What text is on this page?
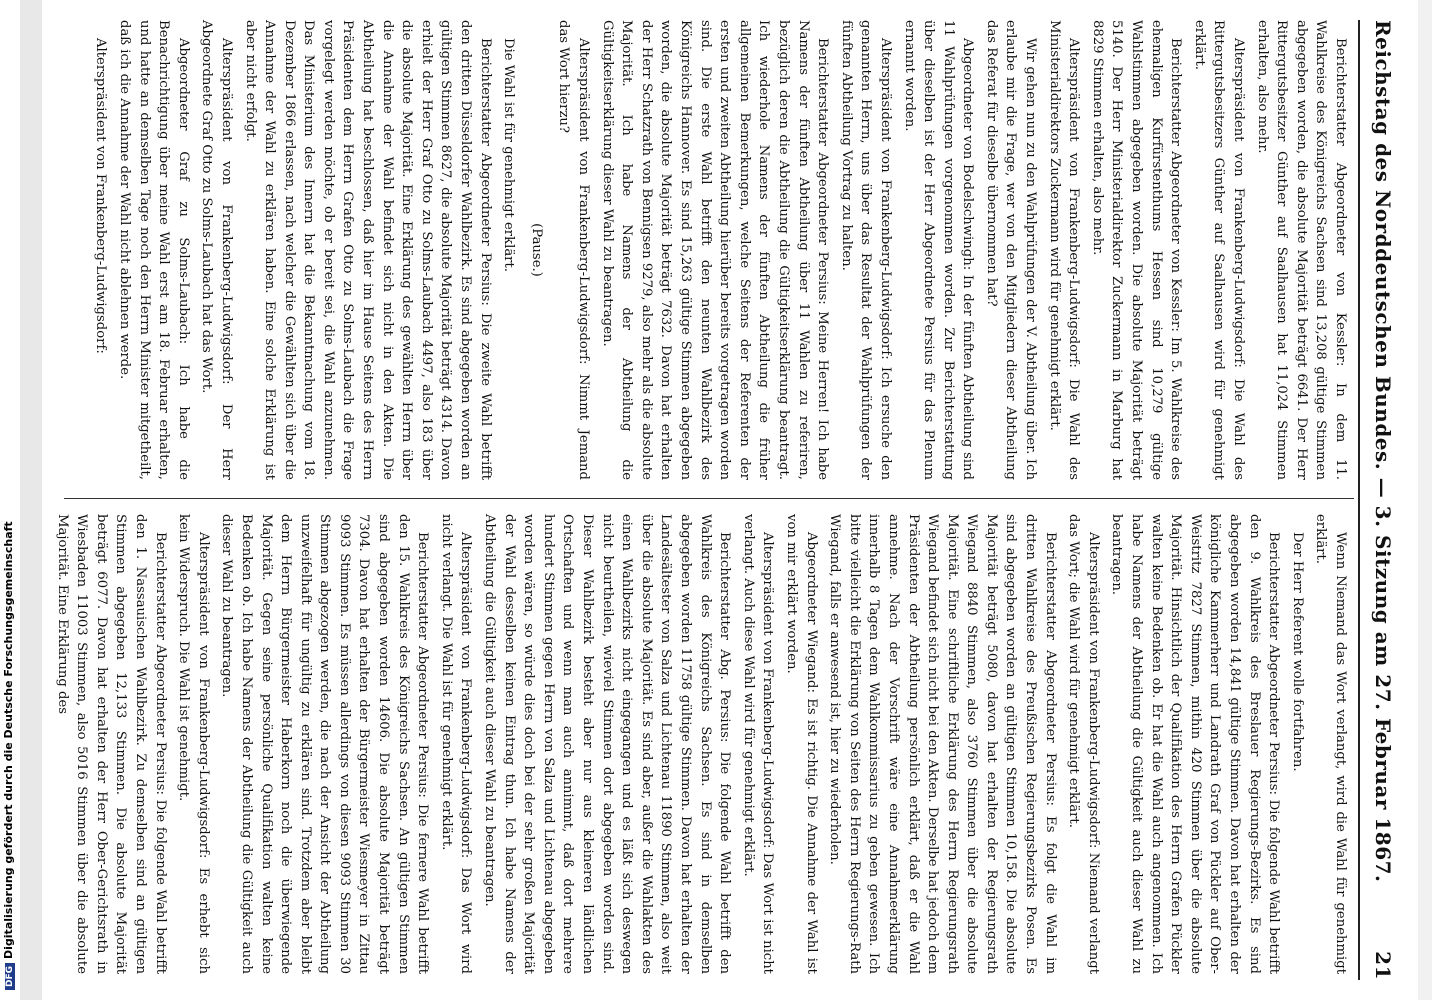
Reichstag des Norddeutschen Bundes. — 3. Sitzung am 27. Februar 1867.
21

Berichterstatter Abgeordneter von Kessler: In dem 11. Wahlkreise des Königreichs Sachsen sind 13,208 gültige Stimmen abgegeben worden, die absolute Majorität beträgt 6641. Der Herr Rittergutsbesitzer Günther auf Saalhausen hat 11,024 Stimmen erhalten, also mehr.

Alterspräsident von Frankenberg-Ludwigsdorf: Die Wahl des Rittergutsbesitzers Günther auf Saalhausen wird für genehmigt erklärt.

Berichterstatter Abgeordneter von Kessler: Im 5. Wahlkreise des ehemaligen Kurfürstenthums Hessen sind 10,279 gültige Wahlstimmen abgegeben worden. Die absolute Majorität beträgt 5140. Der Herr Ministerialdirektor Zuckermann in Marburg hat 8829 Stimmen erhalten, also mehr.

Alterspräsident von Frankenberg-Ludwigsdorf: Die Wahl des Ministerialdirektors Zuckermann wird für genehmigt erklärt.

Wir gehen nun zu den Wahlprüfungen der V. Abtheilung über. Ich erlaube mir die Frage, wer von den Mitgliedern dieser Abtheilung das Referat für dieselbe übernommen hat?

Abgeordneter von Bodelschwingh: In der fünften Abtheilung sind 11 Wahlprüfungen vorgenommen worden. Zur Berichterstattung über dieselben ist der Herr Abgeordnete Persius für das Plenum ernannt worden.

Alterspräsident von Frankenberg-Ludwigsdorf: Ich ersuche den genannten Herrn, uns über das Resultat der Wahlprüfungen der fünften Abtheilung Vortrag zu halten.

Berichterstatter Abgeordneter Persius: Meine Herren! Ich habe Namens der fünften Abtheilung über 11 Wahlen zu referiren, bezüglich deren die Abtheilung die Gültigkeitserklärung beantragt. Ich wiederhole Namens der fünften Abtheilung die früher allgemeinen Bemerkungen, welche Seitens der Referenten der ersten und zweiten Abtheilung hierüber bereits vorgetragen worden sind. Die erste Wahl betrifft den neunten Wahlbezirk des Königreichs Hannover. Es sind 15,263 gültige Stimmen abgegeben worden, die absolute Majorität beträgt 7632. Davon hat erhalten der Herr Schatzrath von Bennigsen 9279, also mehr als die absolute Majorität. Ich habe Namens der Abtheilung die Gültigkeitserklärung dieser Wahl zu beantragen.

Alterspräsident von Frankenberg-Ludwigsdorf: Nimmt Jemand das Wort hierzu?

(Pause.)

Die Wahl ist für genehmigt erklärt.

Berichterstatter Abgeordneter Persius: Die zweite Wahl betrifft den dritten Düsseldorfer Wahlbezirk. Es sind abgegeben worden an gültigen Stimmen 8627, die absolute Majorität beträgt 4314. Davon erhielt der Herr Graf Otto zu Solms-Laubach 4497, also 183 über die absolute Majorität. Eine Erklärung des gewählten Herrn über die Annahme der Wahl befindet sich nicht in den Akten. Die Abtheilung hat beschlossen, daß hier im Hause Seitens des Herrn Präsidenten dem Herrn Grafen Otto zu Solms-Laubach die Frage vorgelegt werden möchte, ob er bereit sei, die Wahl anzunehmen. Das Ministerium des Innern hat die Bekanntmachung vom 18. Dezember 1866 erlassen, nach welcher die Gewählten sich über die Annahme der Wahl zu erklären haben. Eine solche Erklärung ist aber nicht erfolgt.

Alterspräsident von Frankenberg-Ludwigsdorf: Der Herr Abgeordnete Graf Otto zu Solms-Laubach hat das Wort.

Abgeordneter Graf zu Solms-Laubach: Ich habe die Benachrichtigung über meine Wahl erst am 18. Februar erhalten, und hatte an demselben Tage noch den Herrn Minister mitgetheilt, daß ich die Annahme der Wahl nicht ablehnen werde.

Alterspräsident von Frankenberg-Ludwigsdorf:

Wenn Niemand das Wort verlangt, wird die Wahl für genehmigt erklärt.

Der Herr Referent wolle fortfahren.

Berichterstatter Abgeordneter Persius: Die folgende Wahl betrifft den 9. Wahlkreis des Breslauer Regierungs-Bezirks. Es sind abgegeben worden 14,841 gültige Stimmen. Davon hat erhalten der königliche Kammerherr und Landrath Graf von Pückler auf Ober-Weistritz 7827 Stimmen, mithin 420 Stimmen über die absolute Majorität. Hinsichtlich der Qualifikation des Herrn Grafen Pückler walten keine Bedenken ob. Er hat die Wahl auch angenommen. Ich habe Namens der Abtheilung die Gültigkeit auch dieser Wahl zu beantragen.

Alterspräsident von Frankenberg-Ludwigsdorf: Niemand verlangt das Wort; die Wahl wird für genehmigt erklärt.

Berichterstatter Abgeordneter Persius: Es folgt die Wahl im dritten Wahlkreise des Preußischen Regierungsbezirks Posen. Es sind abgegeben worden an gültigen Stimmen 10,158. Die absolute Majorität beträgt 5080, davon hat erhalten der Regierungsrath Wiegand 8840 Stimmen, also 3760 Stimmen über die absolute Majorität. Eine schriftliche Erklärung des Herrn Regierungsrath Wiegand befindet sich nicht bei den Akten. Derselbe hat jedoch dem Präsidenten der Abtheilung persönlich erklärt, daß er die Wahl annehme. Nach der Vorschrift wäre eine Annahmeerklärung innerhalb 8 Tagen dem Wahlkommissarius zu geben gewesen. Ich bitte vielleicht die Erklärung von Seiten des Herrn Regierungs-Rath Wiegand, falls er anwesend ist, hier zu wiederholen.

Abgeordneter Wiegand: Es ist richtig. Die Annahme der Wahl ist von mir erklärt worden.

Alterspräsident von Frankenberg-Ludwigsdorf: Das Wort ist nicht verlangt. Auch diese Wahl wird für genehmigt erklärt.

Berichterstatter Abg. Persius: Die folgende Wahl betrifft den Wahlkreis des Königreichs Sachsen. Es sind in demselben abgegeben worden 11758 gültige Stimmen. Davon hat erhalten der Landesältester von Salza und Lichtenau 11890 Stimmen, also weit über die absolute Majorität. Es sind aber, außer die Wahlakten des einen Wahlbezirks nicht eingegangen und es läßt sich deswegen nicht beurtheilen, wieviel Stimmen dort abgegeben worden sind. Dieser Wahlbezirk besteht aber nur aus kleineren ländlichen Ortschaften und wenn man auch annimmt, daß dort mehrere hundert Stimmen gegen Herrn von Salza und Lichtenau abgegeben worden wären, so würde dies doch bei der sehr großen Majorität der Wahl desselben keinen Eintrag thun. Ich habe Namens der Abtheilung die Gültigkeit auch dieser Wahl zu beantragen.

Alterspräsident von Frankenberg-Ludwigsdorf: Das Wort wird nicht verlangt. Die Wahl ist für genehmigt erklärt.

Berichterstatter Abgeordneter Persius: Die fernere Wahl betrifft den 15. Wahlkreis des Königreichs Sachsen. An gültigen Stimmen sind abgegeben worden 14606. Die absolute Majorität beträgt 7304. Davon hat erhalten der Bürgermeister Wiesmeyer in Zittau 9093 Stimmen. Es müssen allerdings von diesen 9093 Stimmen 30 Stimmen abgezogen werden, die nach der Ansicht der Abtheilung unzweifelhaft für ungültig zu erklären sind. Trotzdem aber bleibt dem Herrn Bürgermeister Haberkorn noch die überwiegende Majorität. Gegen seine persönliche Qualifikation walten keine Bedenken ob. Ich habe Namens der Abtheilung die Gültigkeit auch dieser Wahl zu beantragen.

Alterspräsident von Frankenberg-Ludwigsdorf: Es erhebt sich kein Widerspruch. Die Wahl ist genehmigt.

Berichterstatter Abgeordneter Persius: Die folgende Wahl betrifft den 1. Nassauischen Wahlbezirk. Zu demselben sind an gültigen Stimmen abgegeben 12,133 Stimmen. Die absolute Majorität beträgt 6077. Davon hat erhalten der Herr Ober-Gerichtsrath in Wiesbaden 11003 Stimmen, also 5016 Stimmen über die absolute Majorität. Eine Erklärung des

DFGDigitalisierung gefördert durch die Deutsche Forschungsgemeinschaft
